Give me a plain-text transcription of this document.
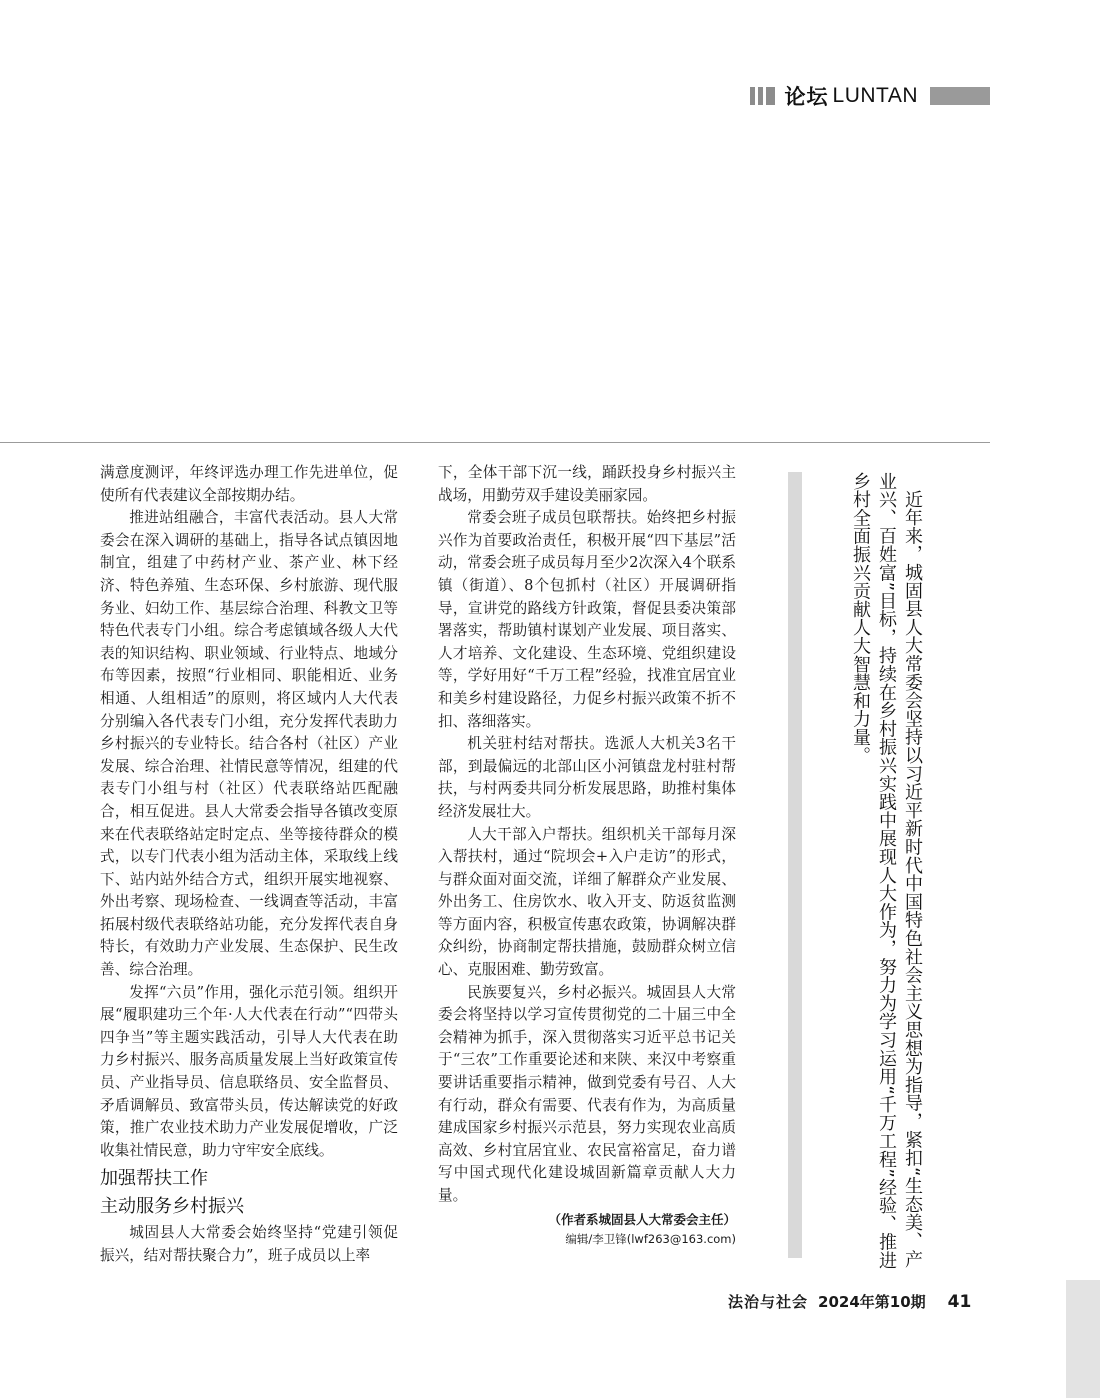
论坛 LUNTAN

满意度测评，年终评选办理工作先进单位，促使所有代表建议全部按期办结。

推进站组融合，丰富代表活动。县人大常委会在深入调研的基础上，指导各试点镇因地制宜，组建了中药材产业、茶产业、林下经济、特色养殖、生态环保、乡村旅游、现代服务业、妇幼工作、基层综合治理、科教文卫等特色代表专门小组。综合考虑镇域各级人大代表的知识结构、职业领域、行业特点、地域分布等因素，按照“行业相同、职能相近、业务相通、人组相适”的原则，将区域内人大代表分别编入各代表专门小组，充分发挥代表助力乡村振兴的专业特长。结合各村（社区）产业发展、综合治理、社情民意等情况，组建的代表专门小组与村（社区）代表联络站匹配融合，相互促进。县人大常委会指导各镇改变原来在代表联络站定时定点、坐等接待群众的模式，以专门代表小组为活动主体，采取线上线下、站内站外结合方式，组织开展实地视察、外出考察、现场检查、一线调查等活动，丰富拓展村级代表联络站功能，充分发挥代表自身特长，有效助力产业发展、生态保护、民生改善、综合治理。

发挥“六员”作用，强化示范引领。组织开展“履职建功三个年·人大代表在行动”“四带头四争当”等主题实践活动，引导人大代表在助力乡村振兴、服务高质量发展上当好政策宣传员、产业指导员、信息联络员、安全监督员、矛盾调解员、致富带头员，传达解读党的好政策，推广农业技术助力产业发展促增收，广泛收集社情民意，助力守牢安全底线。

加强帮扶工作
主动服务乡村振兴

城固县人大常委会始终坚持“党建引领促振兴，结对帮扶聚合力”，班子成员以上率

下，全体干部下沉一线，踊跃投身乡村振兴主战场，用勤劳双手建设美丽家园。

常委会班子成员包联帮扶。始终把乡村振兴作为首要政治责任，积极开展“四下基层”活动，常委会班子成员每月至少2次深入4个联系镇（街道）、8个包抓村（社区）开展调研指导，宣讲党的路线方针政策，督促县委决策部署落实，帮助镇村谋划产业发展、项目落实、人才培养、文化建设、生态环境、党组织建设等，学好用好“千万工程”经验，找准宜居宜业和美乡村建设路径，力促乡村振兴政策不折不扣、落细落实。

机关驻村结对帮扶。选派人大机关3名干部，到最偏远的北部山区小河镇盘龙村驻村帮扶，与村两委共同分析发展思路，助推村集体经济发展壮大。

人大干部入户帮扶。组织机关干部每月深入帮扶村，通过“院坝会+入户走访”的形式，与群众面对面交流，详细了解群众产业发展、外出务工、住房饮水、收入开支、防返贫监测等方面内容，积极宣传惠农政策，协调解决群众纠纷，协商制定帮扶措施，鼓励群众树立信心、克服困难、勤劳致富。

民族要复兴，乡村必振兴。城固县人大常委会将坚持以学习宣传贯彻党的二十届三中全会精神为抓手，深入贯彻落实习近平总书记关于“三农”工作重要论述和来陕、来汉中考察重要讲话重要指示精神，做到党委有号召、人大有行动，群众有需要、代表有作为，为高质量建成国家乡村振兴示范县，努力实现农业高质高效、乡村宜居宜业、农民富裕富足，奋力谱写中国式现代化建设城固新篇章贡献人大力量。

（作者系城固县人大常委会主任）
编辑/李卫锋(lwf263@163.com)	近年来，城固县人大常委会坚持以习近平新时代中国特色社会主义思想为指导，紧扣“生态美、产业兴、百姓富”目标，持续在乡村振兴实践中展现人大作为，努力为学习运用“千万工程”经验、推进乡村全面振兴贡献人大智慧和力量。
法治与社会 2024年第10期 41
